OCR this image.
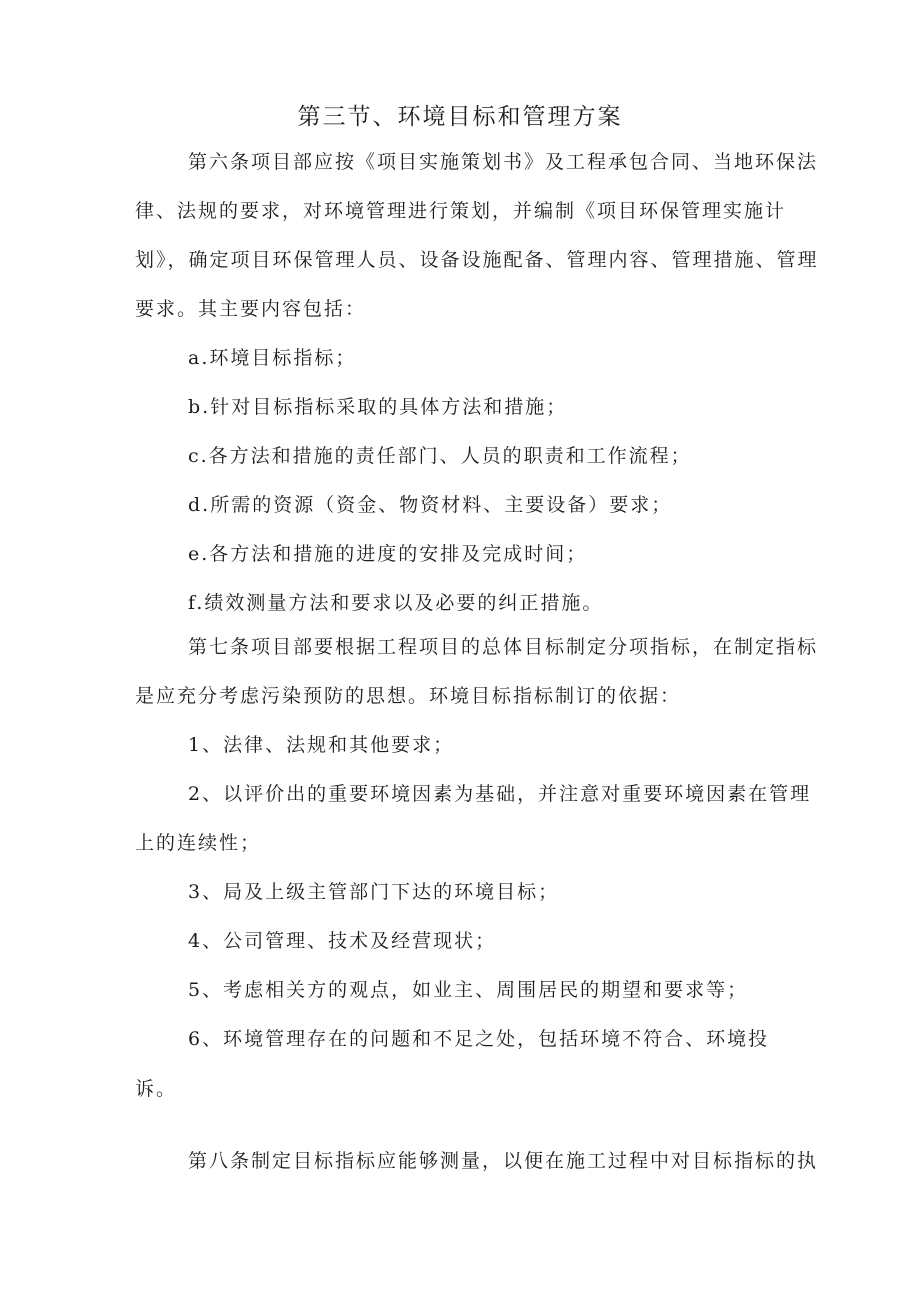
第三节、环境目标和管理方案
第六条项目部应按《项目实施策划书》及工程承包合同、当地环保法
律、法规的要求，对环境管理进行策划，并编制《项目环保管理实施计
划》，确定项目环保管理人员、设备设施配备、管理内容、管理措施、管理
要求。其主要内容包括：
a.环境目标指标；
b.针对目标指标采取的具体方法和措施；
c.各方法和措施的责任部门、人员的职责和工作流程；
d.所需的资源（资金、物资材料、主要设备）要求；
e.各方法和措施的进度的安排及完成时间；
f.绩效测量方法和要求以及必要的纠正措施。
第七条项目部要根据工程项目的总体目标制定分项指标，在制定指标
是应充分考虑污染预防的思想。环境目标指标制订的依据：
1、法律、法规和其他要求；
2、以评价出的重要环境因素为基础，并注意对重要环境因素在管理
上的连续性；
3、局及上级主管部门下达的环境目标；
4、公司管理、技术及经营现状；
5、考虑相关方的观点，如业主、周围居民的期望和要求等；
6、环境管理存在的问题和不足之处，包括环境不符合、环境投
诉。
第八条制定目标指标应能够测量，以便在施工过程中对目标指标的执
